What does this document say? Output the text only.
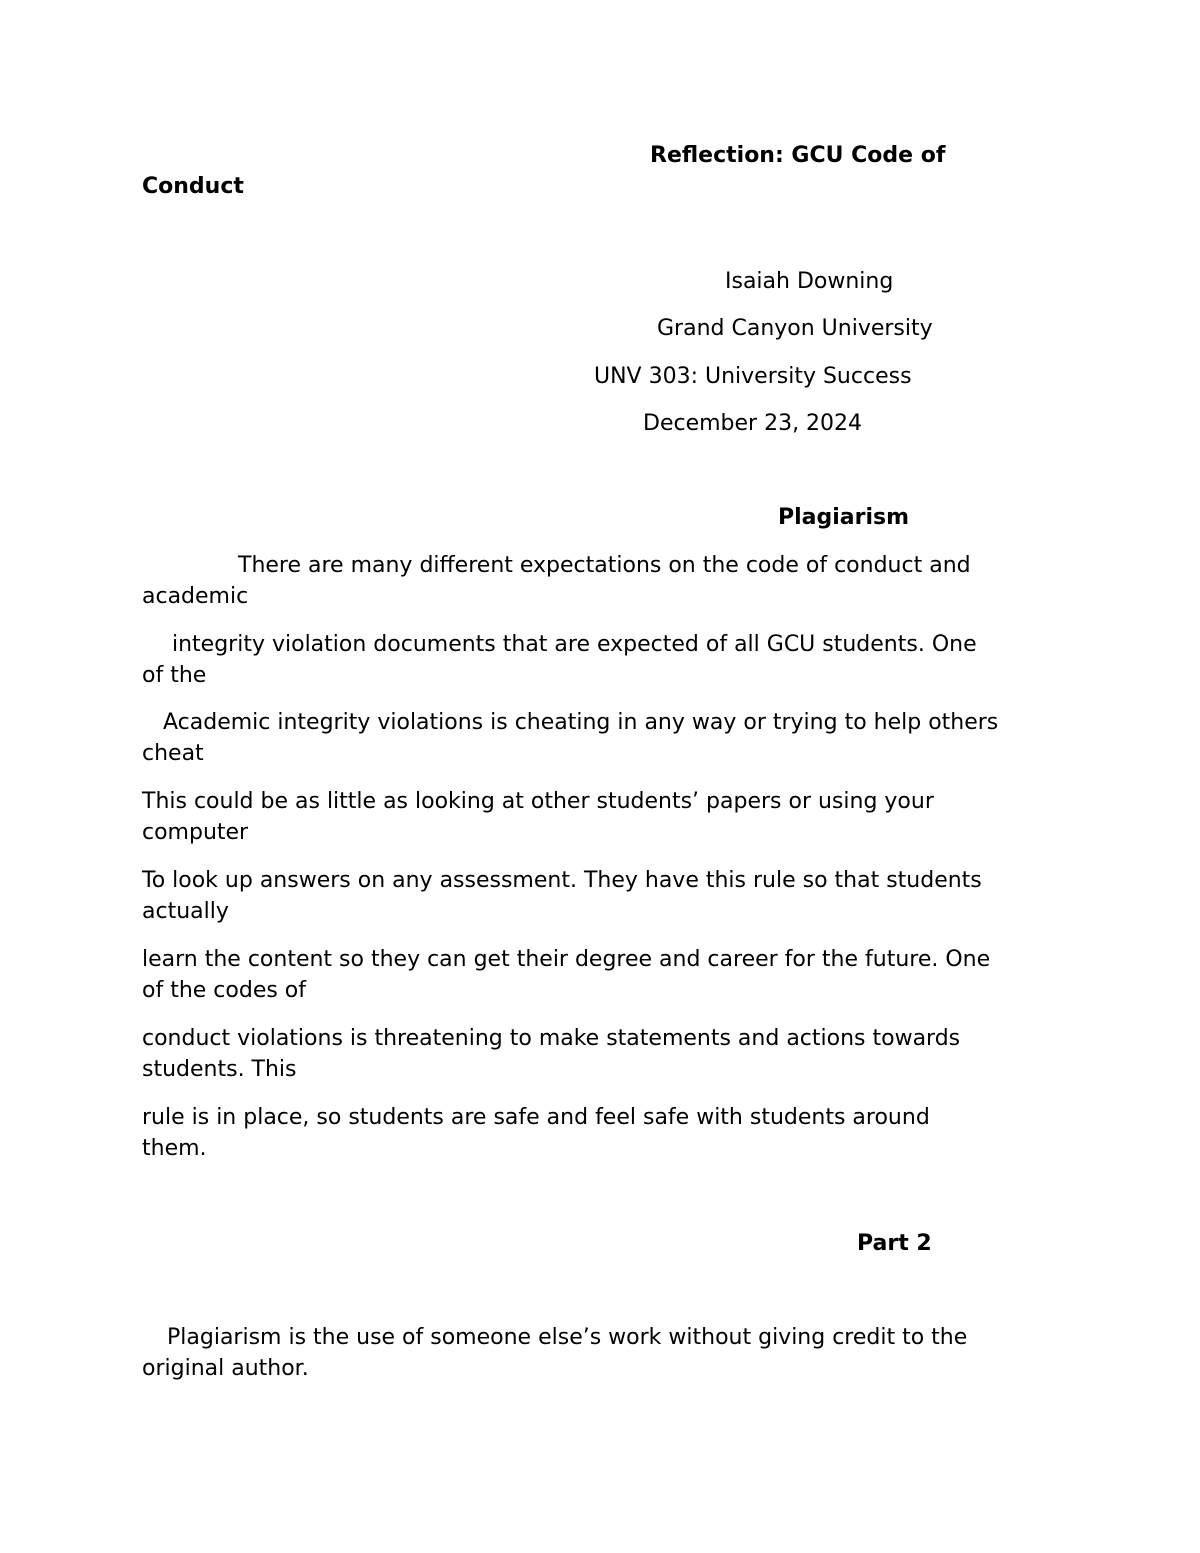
Reflection: GCU Code of

Conduct

Isaiah Downing

Grand Canyon University

UNV 303: University Success

December 23, 2024

Plagiarism

There are many different expectations on the code of conduct and

academic

integrity violation documents that are expected of all GCU students. One

of the

Academic integrity violations is cheating in any way or trying to help others

cheat

This could be as little as looking at other students’ papers or using your

computer

To look up answers on any assessment. They have this rule so that students

actually

learn the content so they can get their degree and career for the future. One

of the codes of

conduct violations is threatening to make statements and actions towards

students. This

rule is in place, so students are safe and feel safe with students around

them.

Part 2

Plagiarism is the use of someone else’s work without giving credit to the

original author.
